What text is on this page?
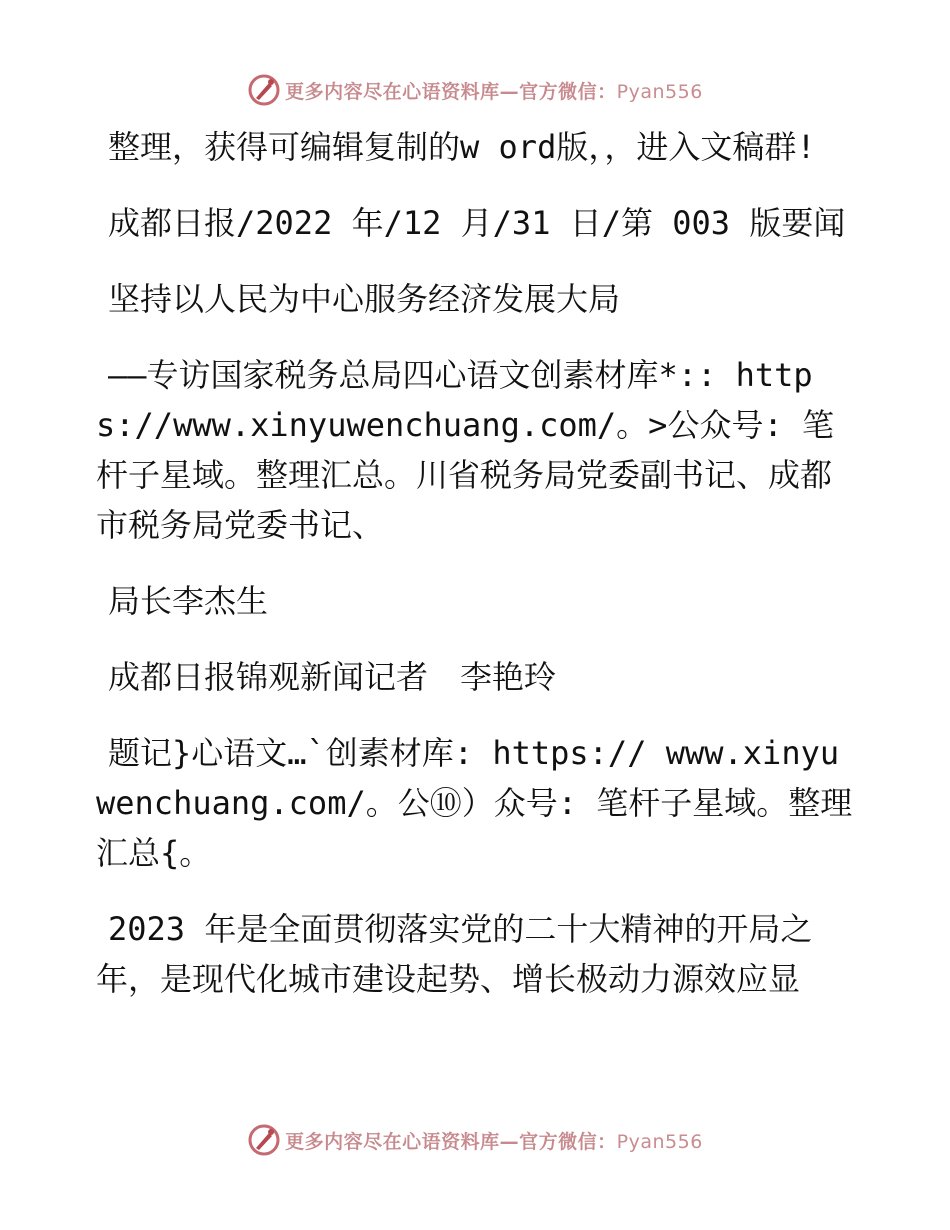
更多内容尽在心语资料库—官方微信：Pyan556

整理，获得可编辑复制的w ord版，，进入文稿群!

成都日报/2022 年/12 月/31 日/第 003 版要闻

坚持以人民为中心服务经济发展大局

——专访国家税务总局四心语文创素材库*:: https://www.xinyuwenchuang.com/。>公众号: 笔杆子星域。整理汇总。川省税务局党委副书记、成都市税务局党委书记、

局长李杰生

成都日报锦观新闻记者　李艳玲

题记}心语文…`创素材库: https:// www.xinyuwenchuang.com/。公⑩）众号: 笔杆子星域。整理汇总{。

2023 年是全面贯彻落实党的二十大精神的开局之年，是现代化城市建设起势、增长极动力源效应显

更多内容尽在心语资料库—官方微信：Pyan556
